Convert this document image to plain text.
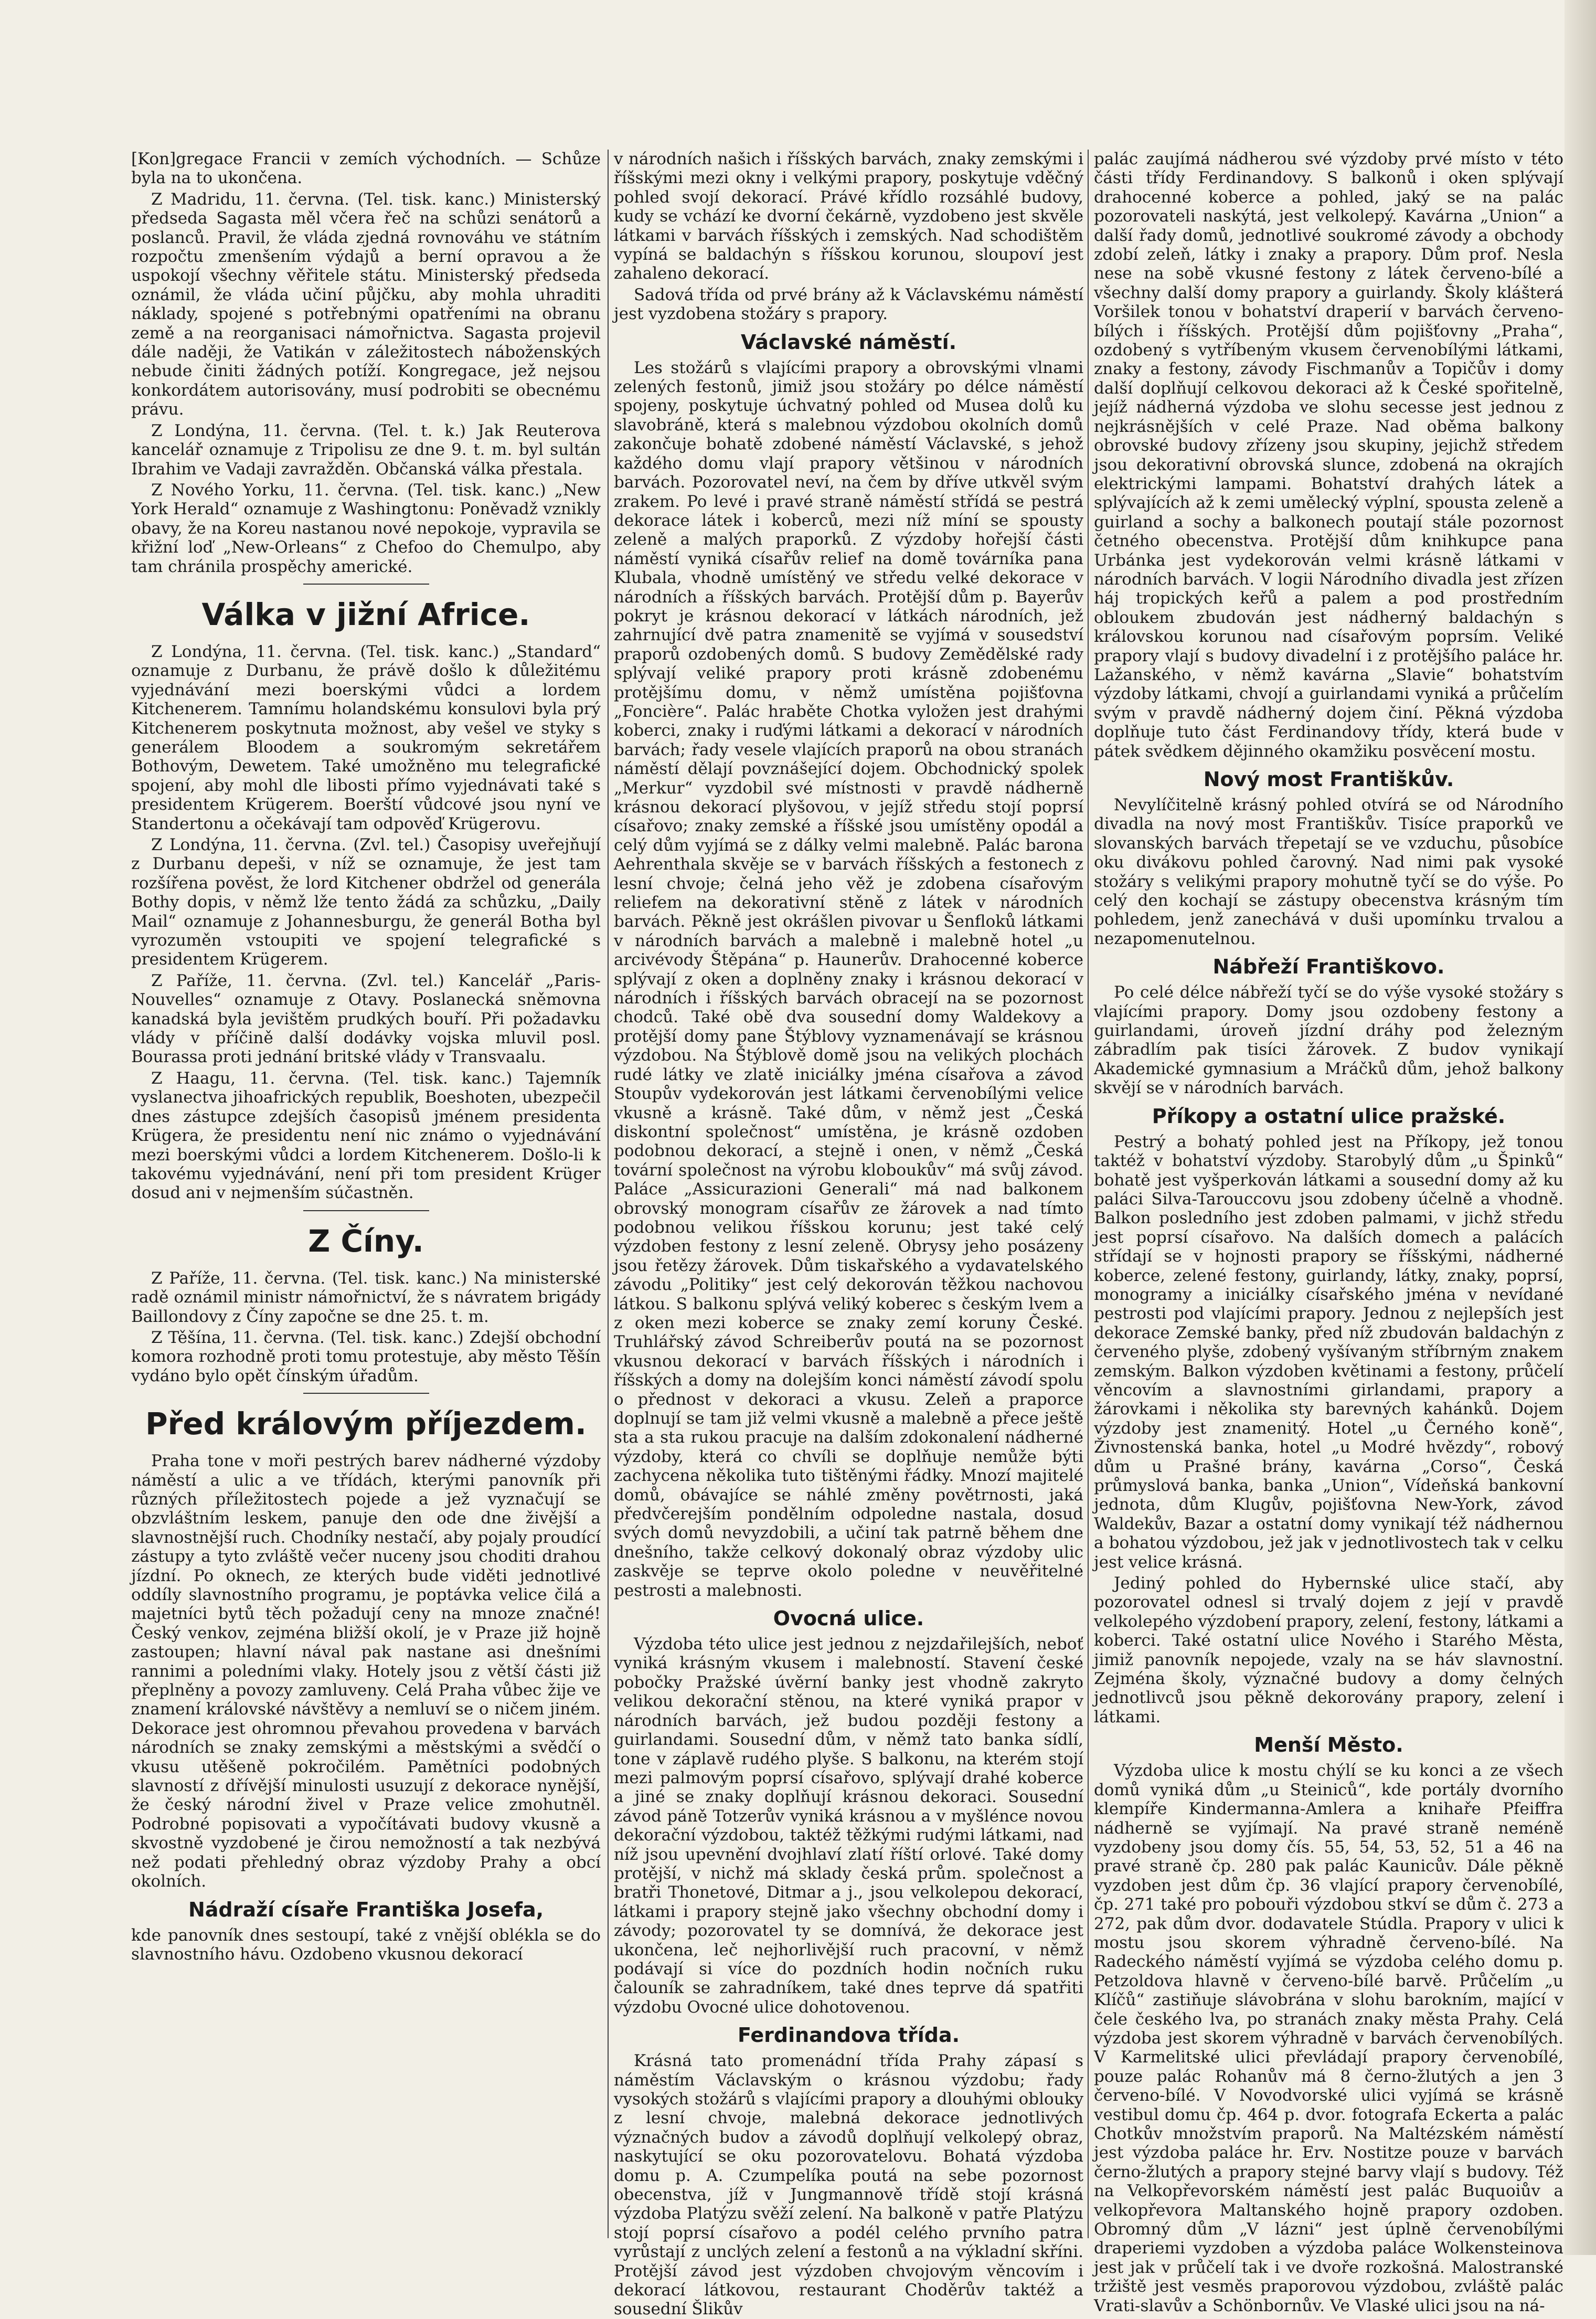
[Kon]gregace Francii v zemích východních. — Schůze byla na to ukončena.

Z Madridu, 11. června. (Tel. tisk. kanc.) Ministerský předseda Sagasta měl včera řeč na schůzi senátorů a poslanců. Pravil, že vláda zjedná rovnováhu ve státním rozpočtu zmenšením výdajů a berní opravou a že uspokojí všechny věřitele státu. Ministerský předseda oznámil, že vláda učiní půjčku, aby mohla uhraditi náklady, spojené s potřebnými opatřeními na obranu země a na reorganisaci námořnictva. Sagasta projevil dále naději, že Vatikán v záležitostech náboženských nebude činiti žádných potíží. Kongregace, jež nejsou konkordátem autorisovány, musí podrobiti se obecnému právu.

Z Londýna, 11. června. (Tel. t. k.) Jak Reuterova kancelář oznamuje z Tripolisu ze dne 9. t. m. byl sultán Ibrahim ve Vadaji zavražděn. Občanská válka přestala.

Z Nového Yorku, 11. června. (Tel. tisk. kanc.) „New York Herald“ oznamuje z Washingtonu: Poněvadž vznikly obavy, že na Koreu nastanou nové nepokoje, vypravila se křižní loď „New-Orleans“ z Chefoo do Chemulpo, aby tam chránila prospěchy americké.

Válka v jižní Africe.

Z Londýna, 11. června. (Tel. tisk. kanc.) „Standard“ oznamuje z Durbanu, že právě došlo k důležitému vyjednávání mezi boerskými vůdci a lordem Kitchenerem. Tamnímu holandskému konsulovi byla prý Kitchenerem poskytnuta možnost, aby vešel ve styky s generálem Bloodem a soukromým sekretářem Bothovým, Dewetem. Také umožněno mu telegrafické spojení, aby mohl dle libosti přímo vyjednávati také s presidentem Krügerem. Boerští vůdcové jsou nyní ve Standertonu a očekávají tam odpověď Krügerovu.

Z Londýna, 11. června. (Zvl. tel.) Časopisy uveřejňují z Durbanu depeši, v níž se oznamuje, že jest tam rozšířena pověst, že lord Kitchener obdržel od generála Bothy dopis, v němž lže tento žádá za schůzku, „Daily Mail“ oznamuje z Johannesburgu, že generál Botha byl vyrozuměn vstoupiti ve spojení telegrafické s presidentem Krügerem.

Z Paříže, 11. června. (Zvl. tel.) Kancelář „Paris-Nouvelles“ oznamuje z Otavy. Poslanecká sněmovna kanadská byla jevištěm prudkých bouří. Při požadavku vlády v příčině další dodávky vojska mluvil posl. Bourassa proti jednání britské vlády v Transvaalu.

Z Haagu, 11. června. (Tel. tisk. kanc.) Tajemník vyslanectva jihoafrických republik, Boeshoten, ubezpečil dnes zástupce zdejších časopisů jménem presidenta Krügera, že presidentu není nic známo o vyjednávání mezi boerskými vůdci a lordem Kitchenerem. Došlo-li k takovému vyjednávání, není při tom president Krüger dosud ani v nejmenším súčastněn.

Z Číny.

Z Paříže, 11. června. (Tel. tisk. kanc.) Na ministerské radě oznámil ministr námořnictví, že s návratem brigády Baillondovy z Číny započne se dne 25. t. m.

Z Těšína, 11. června. (Tel. tisk. kanc.) Zdejší obchodní komora rozhodně proti tomu protestuje, aby město Těšín vydáno bylo opět čínským úřadům.

Před královým příjezdem.

Praha tone v moři pestrých barev nádherné výzdoby náměstí a ulic a ve třídách, kterými panovník při různých příležitostech pojede a jež vyznačují se obzvláštním leskem, panuje den ode dne živější a slavnostnější ruch. Chodníky nestačí, aby pojaly proudící zástupy a tyto zvláště večer nuceny jsou choditi drahou jízdní. Po oknech, ze kterých bude viděti jednotlivé oddíly slavnostního programu, je poptávka velice čilá a majetníci bytů těch požadují ceny na mnoze značné! Český venkov, zejména bližší okolí, je v Praze již hojně zastoupen; hlavní nával pak nastane asi dnešními rannimi a poledními vlaky. Hotely jsou z větší části již přeplněny a povozy zamluveny. Celá Praha vůbec žije ve znamení královské návštěvy a nemluví se o ničem jiném. Dekorace jest ohromnou převahou provedena v barvách národních se znaky zemskými a městskými a svědčí o vkusu utěšeně pokročilém. Pamětníci podobných slavností z dřívější minulosti usuzují z dekorace nynější, že český národní živel v Praze velice zmohutněl. Podrobné popisovati a vypočítávati budovy vkusně a skvostně vyzdobené je čirou nemožností a tak nezbývá než podati přehledný obraz výzdoby Prahy a obcí okolních.

Nádraží císaře Františka Josefa,

kde panovník dnes sestoupí, také z vnější oblékla se do slavnostního hávu. Ozdobeno vkusnou dekorací

v národních našich i říšských barvách, znaky zemskými i říšskými mezi okny i velkými prapory, poskytuje vděčný pohled svojí dekorací. Právé křídlo rozsáhlé budovy, kudy se vchází ke dvorní čekárně, vyzdobeno jest skvěle látkami v barvách říšských i zemských. Nad schodištěm vypíná se baldachýn s říšskou korunou, sloupoví jest zahaleno dekorací.

Sadová třída od prvé brány až k Václavskému náměstí jest vyzdobena stožáry s prapory.

Václavské náměstí.

Les stožárů s vlajícími prapory a obrovskými vlnami zelených festonů, jimiž jsou stožáry po délce náměstí spojeny, poskytuje úchvatný pohled od Musea dolů ku slavobráně, která s malebnou výzdobou okolních domů zakončuje bohatě zdobené náměstí Václavské, s jehož každého domu vlají prapory většinou v národních barvách. Pozorovatel neví, na čem by dříve utkvěl svým zrakem. Po levé i pravé straně náměstí střídá se pestrá dekorace látek i koberců, mezi níž míní se spousty zeleně a malých praporků. Z výzdoby hořejší části náměstí vyniká císařův relief na domě továrníka pana Klubala, vhodně umístěný ve středu velké dekorace v národních a říšských barvách. Protější dům p. Bayerův pokryt je krásnou dekorací v látkách národních, jež zahrnující dvě patra znamenitě se vyjímá v sousedství praporů ozdobených domů. S budovy Zemědělské rady splývají veliké prapory proti krásně zdobenému protějšímu domu, v němž umístěna pojišťovna „Foncière“. Palác hraběte Chotka vyložen jest drahými koberci, znaky i ruďými látkami a dekorací v národních barvách; řady vesele vlajících praporů na obou stranách náměstí dělají povznášející dojem. Obchodnický spolek „Merkur“ vyzdobil své místnosti v pravdě nádherně krásnou dekorací plyšovou, v jejíž středu stojí poprsí císařovo; znaky zemské a říšské jsou umístěny opodál a celý dům vyjímá se z dálky velmi malebně. Palác barona Aehrenthala skvěje se v barvách říšských a festonech z lesní chvoje; čelná jeho věž je zdobena císařovým reliefem na dekorativní stěně z látek v národních barvách. Pěkně jest okrášlen pivovar u Šenfloků látkami v národních barvách a malebně i malebně hotel „u arcivévody Štěpána“ p. Haunerův. Drahocenné koberce splývají z oken a doplněny znaky i krásnou dekorací v národních i říšských barvách obracejí na se pozornost chodců. Také obě dva sousední domy Waldekovy a protější domy pane Štýblovy vyznamenávají se krásnou výzdobou. Na Štýblově domě jsou na velikých plochách rudé látky ve zlatě iniciálky jména císařova a závod Stoupův vydekorován jest látkami červenobílými velice vkusně a krásně. Také dům, v němž jest „Česká diskontní společnost“ umístěna, je krásně ozdoben podobnou dekorací, a stejně i onen, v němž „Česká tovární společnost na výrobu kloboukův“ má svůj závod. Paláce „Assicurazioni Generali“ má nad balkonem obrovský monogram císařův ze žárovek a nad tímto podobnou velikou říšskou korunu; jest také celý výzdoben festony z lesní zeleně. Obrysy jeho posázeny jsou řetězy žárovek. Dům tiskařského a vydavatelského závodu „Politiky“ jest celý dekorován těžkou nachovou látkou. S balkonu splývá veliký koberec s českým lvem a z oken mezi koberce se znaky zemí koruny České. Truhlářský závod Schreiberův poutá na se pozornost vkusnou dekorací v barvách říšských i národních i říšských a domy na dolejším konci náměstí závodí spolu o přednost v dekoraci a vkusu. Zeleň a praporce doplnují se tam již velmi vkusně a malebně a přece ještě sta a sta rukou pracuje na dalším zdokonalení nádherné výzdoby, která co chvíli se doplňuje nemůže býti zachycena několika tuto tištěnými řádky. Mnozí majitelé domů, obávajíce se náhlé změny povětrnosti, jaká předvčerejším pondělním odpoledne nastala, dosud svých domů nevyzdobili, a učiní tak patrně během dne dnešního, takže celkový dokonalý obraz výzdoby ulic zaskvěje se teprve okolo poledne v neuvěřitelné pestrosti a malebnosti.

Ovocná ulice.

Výzdoba této ulice jest jednou z nejzdařilejších, neboť vyniká krásným vkusem i malebností. Stavení české pobočky Pražské úvěrní banky jest vhodně zakryto velikou dekorační stěnou, na které vyniká prapor v národních barvách, jež budou později festony a guirlandami. Sousední dům, v němž tato banka sídlí, tone v záplavě rudého plyše. S balkonu, na kterém stojí mezi palmovým poprsí císařovo, splývají drahé koberce a jiné se znaky doplňují krásnou dekoraci. Sousední závod páně Totzerův vyniká krásnou a v myšlénce novou dekorační výzdobou, taktéž těžkými rudými látkami, nad níž jsou upevnění dvojhlaví zlatí říští orlové. Také domy protější, v nichž má sklady česká prům. společnost a bratři Thonetové, Ditmar a j., jsou velkolepou dekorací, látkami i prapory stejně jako všechny obchodní domy i závody; pozorovatel ty se domnívá, že dekorace jest ukončena, leč nejhorlivější ruch pracovní, v němž podávají si více do pozdních hodin nočních ruku čalouník se zahradníkem, také dnes teprve dá spatřiti výzdobu Ovocné ulice dohotovenou.

Ferdinandova třída.

Krásná tato promenádní třída Prahy zápasí s náměstím Václavským o krásnou výzdobu; řady vysokých stožárů s vlajícími prapory a dlouhými oblouky z lesní chvoje, malebná dekorace jednotlivých význačných budov a závodů doplňují velkolepý obraz, naskytující se oku pozorovatelovu. Bohatá výzdoba domu p. A. Czumpelíka poutá na sebe pozornost obecenstva, jíž v Jungmannově třídě stojí krásná výzdoba Platýzu svěží zelení. Na balkoně v patře Platýzu stojí poprsí císařovo a podél celého prvního patra vyrůstají z unclých zelení a festonů a na výkladní skříni. Protější závod jest výzdoben chvojovým věncovím i dekorací látkovou, restaurant Choděrův taktéž a sousední Šlikův

palác zaujímá nádherou své výzdoby prvé místo v této části třídy Ferdinandovy. S balkonů i oken splývají drahocenné koberce a pohled, jaký se na palác pozorovateli naskýtá, jest velkolepý. Kavárna „Union“ a další řady domů, jednotlivé soukromé závody a obchody zdobí zeleň, látky i znaky a prapory. Dům prof. Nesla nese na sobě vkusné festony z látek červeno-bílé a všechny další domy prapory a guirlandy. Školy klášterá Voršilek tonou v bohatství draperií v barvách červeno-bílých i říšských. Protější dům pojišťovny „Praha“, ozdobený s vytříbeným vkusem červenobílými látkami, znaky a festony, závody Fischmanův a Topičův i domy další doplňují celkovou dekoraci až k České spořitelně, jejíž nádherná výzdoba ve slohu secesse jest jednou z nejkrásnějších v celé Praze. Nad oběma balkony obrovské budovy zřízeny jsou skupiny, jejichž středem jsou dekorativní obrovská slunce, zdobená na okrajích elektrickými lampami. Bohatství drahých látek a splývajících až k zemi umělecký výplní, spousta zeleně a guirland a sochy a balkonech poutají stále pozornost četného obecenstva. Protější dům knihkupce pana Urbánka jest vydekorován velmi krásně látkami v národních barvách. V logii Národního divadla jest zřízen háj tropických keřů a palem a pod prostředním obloukem zbudován jest nádherný baldachýn s královskou korunou nad císařovým poprsím. Veliké prapory vlají s budovy divadelní i z protějšího paláce hr. Lažanského, v němž kavárna „Slavie“ bohatstvím výzdoby látkami, chvojí a guirlandami vyniká a průčelím svým v pravdě nádherný dojem činí. Pěkná výzdoba doplňuje tuto část Ferdinandovy třídy, která bude v pátek svědkem dějinného okamžiku posvěcení mostu.

Nový most Františkův.

Nevylíčitelně krásný pohled otvírá se od Národního divadla na nový most Františkův. Tisíce praporků ve slovanských barvách třepetají se ve vzduchu, působíce oku divákovu pohled čarovný. Nad nimi pak vysoké stožáry s velikými prapory mohutně tyčí se do výše. Po celý den kochají se zástupy obecenstva krásným tím pohledem, jenž zanechává v duši upomínku trvalou a nezapomenutelnou.

Nábřeží Františkovo.

Po celé délce nábřeží tyčí se do výše vysoké stožáry s vlajícími prapory. Domy jsou ozdobeny festony a guirlandami, úroveň jízdní dráhy pod železným zábradlím pak tisíci žárovek. Z budov vynikají Akademické gymnasium a Mráčků dům, jehož balkony skvějí se v národních barvách.

Příkopy a ostatní ulice pražské.

Pestrý a bohatý pohled jest na Příkopy, jež tonou taktéž v bohatství výzdoby. Starobylý dům „u Špinků“ bohatě jest vyšperkován látkami a sousední domy až ku paláci Silva-Tarouccovu jsou zdobeny účelně a vhodně. Balkon posledního jest zdoben palmami, v jichž středu jest poprsí císařovo. Na dalších domech a palácích střídají se v hojnosti prapory se říšskými, nádherné koberce, zelené festony, guirlandy, látky, znaky, poprsí, monogramy a iniciálky císařského jména v nevídané pestrosti pod vlajícími prapory. Jednou z nejlepších jest dekorace Zemské banky, před níž zbudován baldachýn z červeného plyše, zdobený vyšívaným stříbrným znakem zemským. Balkon výzdoben květinami a festony, průčelí věncovím a slavnostními girlandami, prapory a žárovkami i několika sty barevných kahánků. Dojem výzdoby jest znamenitý. Hotel „u Černého koně“, Živnostenská banka, hotel „u Modré hvězdy“, robový dům u Prašné brány, kavárna „Corso“, Česká průmyslová banka, banka „Union“, Vídeňská bankovní jednota, dům Klugův, pojišťovna New-York, závod Waldekův, Bazar a ostatní domy vynikají též nádhernou a bohatou výzdobou, jež jak v jednotlivostech tak v celku jest velice krásná.

Jediný pohled do Hybernské ulice stačí, aby pozorovatel odnesl si trvalý dojem z její v pravdě velkolepého výzdobení prapory, zelení, festony, látkami a koberci. Také ostatní ulice Nového i Starého Města, jimiž panovník nepojede, vzaly na se háv slavnostní. Zejména školy, význačné budovy a domy čelných jednotlivců jsou pěkně dekorovány prapory, zelení i látkami.

Menší Město.

Výzdoba ulice k mostu chýlí se ku konci a ze všech domů vyniká dům „u Steiniců“, kde portály dvorního klempíře Kindermanna-Amlera a knihaře Pfeiffra nádherně se vyjímají. Na pravé straně neméně vyzdobeny jsou domy čís. 55, 54, 53, 52, 51 a 46 na pravé straně čp. 280 pak palác Kaunicův. Dále pěkně vyzdoben jest dům čp. 36 vlající prapory červenobílé, čp. 271 také pro pobouři výzdobou stkví se dům č. 273 a 272, pak dům dvor. dodavatele Stúdla. Prapory v ulici k mostu jsou skorem výhradně červeno-bílé. Na Radeckého náměstí vyjímá se výzdoba celého domu p. Petzoldova hlavně v červeno-bílé barvě. Průčelím „u Klíčů“ zastiňuje slávobrána v slohu barokním, mající v čele českého lva, po stranách znaky města Prahy. Celá výzdoba jest skorem výhradně v barvách červenobílých. V Karmelitské ulici převládají prapory červenobílé, pouze palác Rohanův má 8 černo-žlutých a jen 3 červeno-bílé. V Novodvorské ulici vyjímá se krásně vestibul domu čp. 464 p. dvor. fotografa Eckerta a palác Chotkův množstvím praporů. Na Maltézském náměstí jest výzdoba paláce hr. Erv. Nostitze pouze v barvách černo-žlutých a prapory stejné barvy vlají s budovy. Též na Velkopřevorském náměstí jest palác Buquoiův a velkopřevora Maltanského hojně prapory ozdoben. Obromný dům „V lázni“ jest úplně červenobílými draperiemi vyzdoben a výzdoba paláce Wolkensteinova jest jak v průčelí tak i ve dvoře rozkošná. Malostranské tržiště jest vesměs praporovou výzdobou, zvláště palác Vrati-slavův a Schönbornův. Ve Vlaské ulici jsou na ná-
